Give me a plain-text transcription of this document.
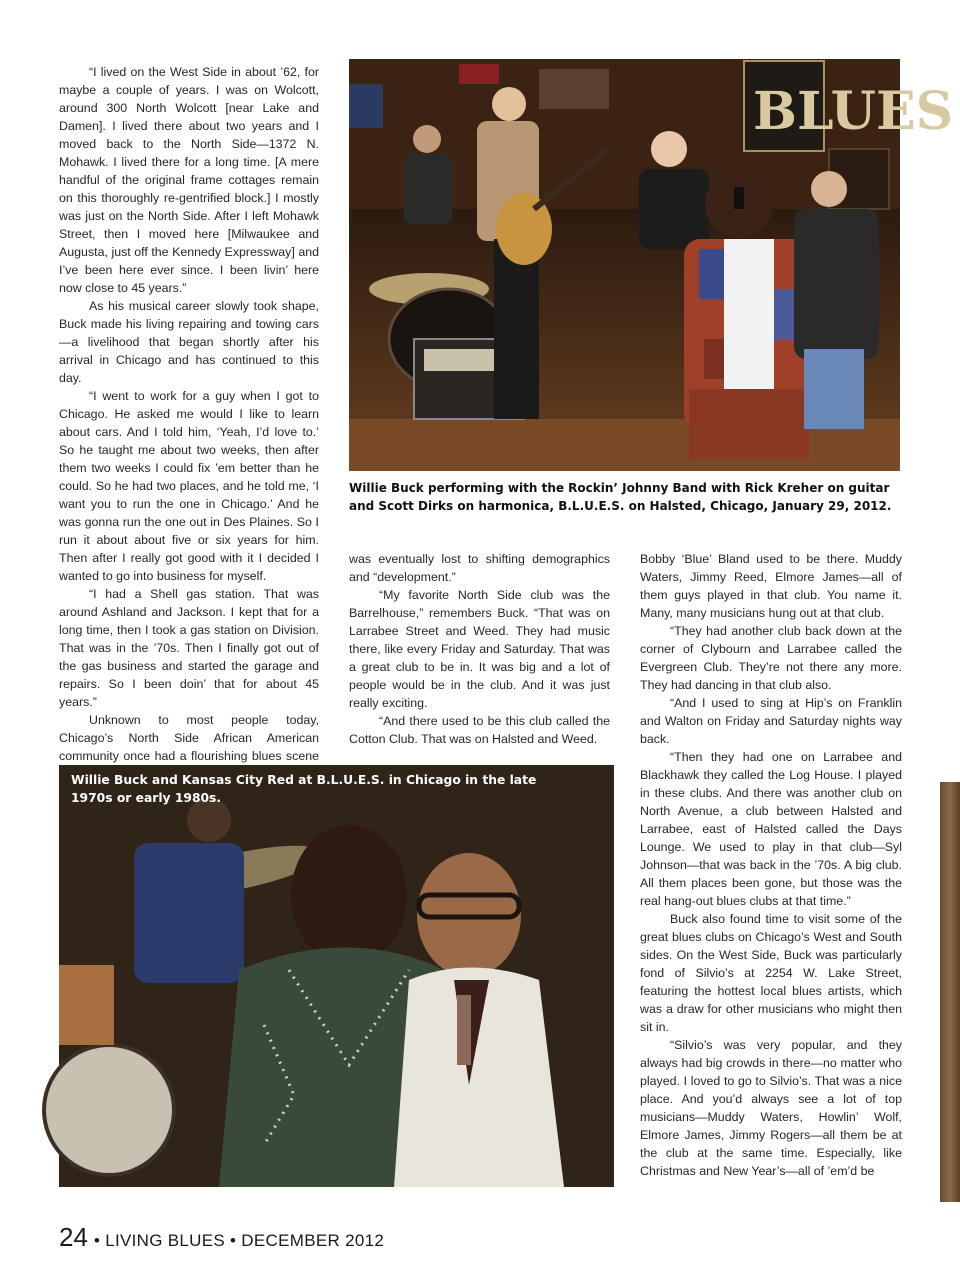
“I lived on the West Side in about ’62, for maybe a couple of years. I was on Wolcott, around 300 North Wolcott [near Lake and Damen]. I lived there about two years and I moved back to the North Side—1372 N. Mohawk. I lived there for a long time. [A mere handful of the original frame cottages remain on this thoroughly re-gentrified block.] I mostly was just on the North Side. After I left Mohawk Street, then I moved here [Milwaukee and Augusta, just off the Kennedy Expressway] and I’ve been here ever since. I been livin’ here now close to 45 years.”

As his musical career slowly took shape, Buck made his living repairing and towing cars—a livelihood that began shortly after his arrival in Chicago and has continued to this day.

“I went to work for a guy when I got to Chicago. He asked me would I like to learn about cars. And I told him, ‘Yeah, I’d love to.’ So he taught me about two weeks, then after them two weeks I could fix ’em better than he could. So he had two places, and he told me, ‘I want you to run the one in Chicago.’ And he was gonna run the one out in Des Plaines. So I run it about about five or six years for him. Then after I really got good with it I decided I wanted to go into business for myself.

“I had a Shell gas station. That was around Ashland and Jackson. I kept that for a long time, then I took a gas station on Division. That was in the ’70s. Then I finally got out of the gas business and started the garage and repairs. So I been doin’ that for about 45 years.”

Unknown to most people today, Chicago’s North Side African American community once had a flourishing blues scene

BLUES
Willie Buck performing with the Rockin’ Johnny Band with Rick Kreher on guitar and Scott Dirks on harmonica, B.L.U.E.S. on Halsted, Chicago, January 29, 2012.

was eventually lost to shifting demographics and “development.”

“My favorite North Side club was the Barrelhouse,” remembers Buck. “That was on Larrabee Street and Weed. They had music there, like every Friday and Saturday. That was a great club to be in. It was big and a lot of people would be in the club. And it was just really exciting.

“And there used to be this club called the Cotton Club. That was on Halsted and Weed.

Bobby ‘Blue’ Bland used to be there. Muddy Waters, Jimmy Reed, Elmore James—all of them guys played in that club. You name it. Many, many musicians hung out at that club.

“They had another club back down at the corner of Clybourn and Larrabee called the Evergreen Club. They’re not there any more. They had dancing in that club also.

“And I used to sing at Hip’s on Franklin and Walton on Friday and Saturday nights way back.

“Then they had one on Larrabee and Blackhawk they called the Log House. I played in these clubs. And there was another club on North Avenue, a club between Halsted and Larrabee, east of Halsted called the Days Lounge. We used to play in that club—Syl Johnson—that was back in the ’70s. A big club. All them places been gone, but those was the real hang-out blues clubs at that time.”

Buck also found time to visit some of the great blues clubs on Chicago’s West and South sides. On the West Side, Buck was particularly fond of Silvio’s at 2254 W. Lake Street, featuring the hottest local blues artists, which was a draw for other musicians who might then sit in.

“Silvio’s was very popular, and they always had big crowds in there—no matter who played. I loved to go to Silvio’s. That was a nice place. And you’d always see a lot of top musicians—Muddy Waters, Howlin’ Wolf, Elmore James, Jimmy Rogers—all them be at the club at the same time. Especially, like Christmas and New Year’s—all of ’em’d be

Willie Buck and Kansas City Red at B.L.U.E.S. in Chicago in the late 1970s or early 1980s.
24 • LIVING BLUES • DECEMBER 2012
